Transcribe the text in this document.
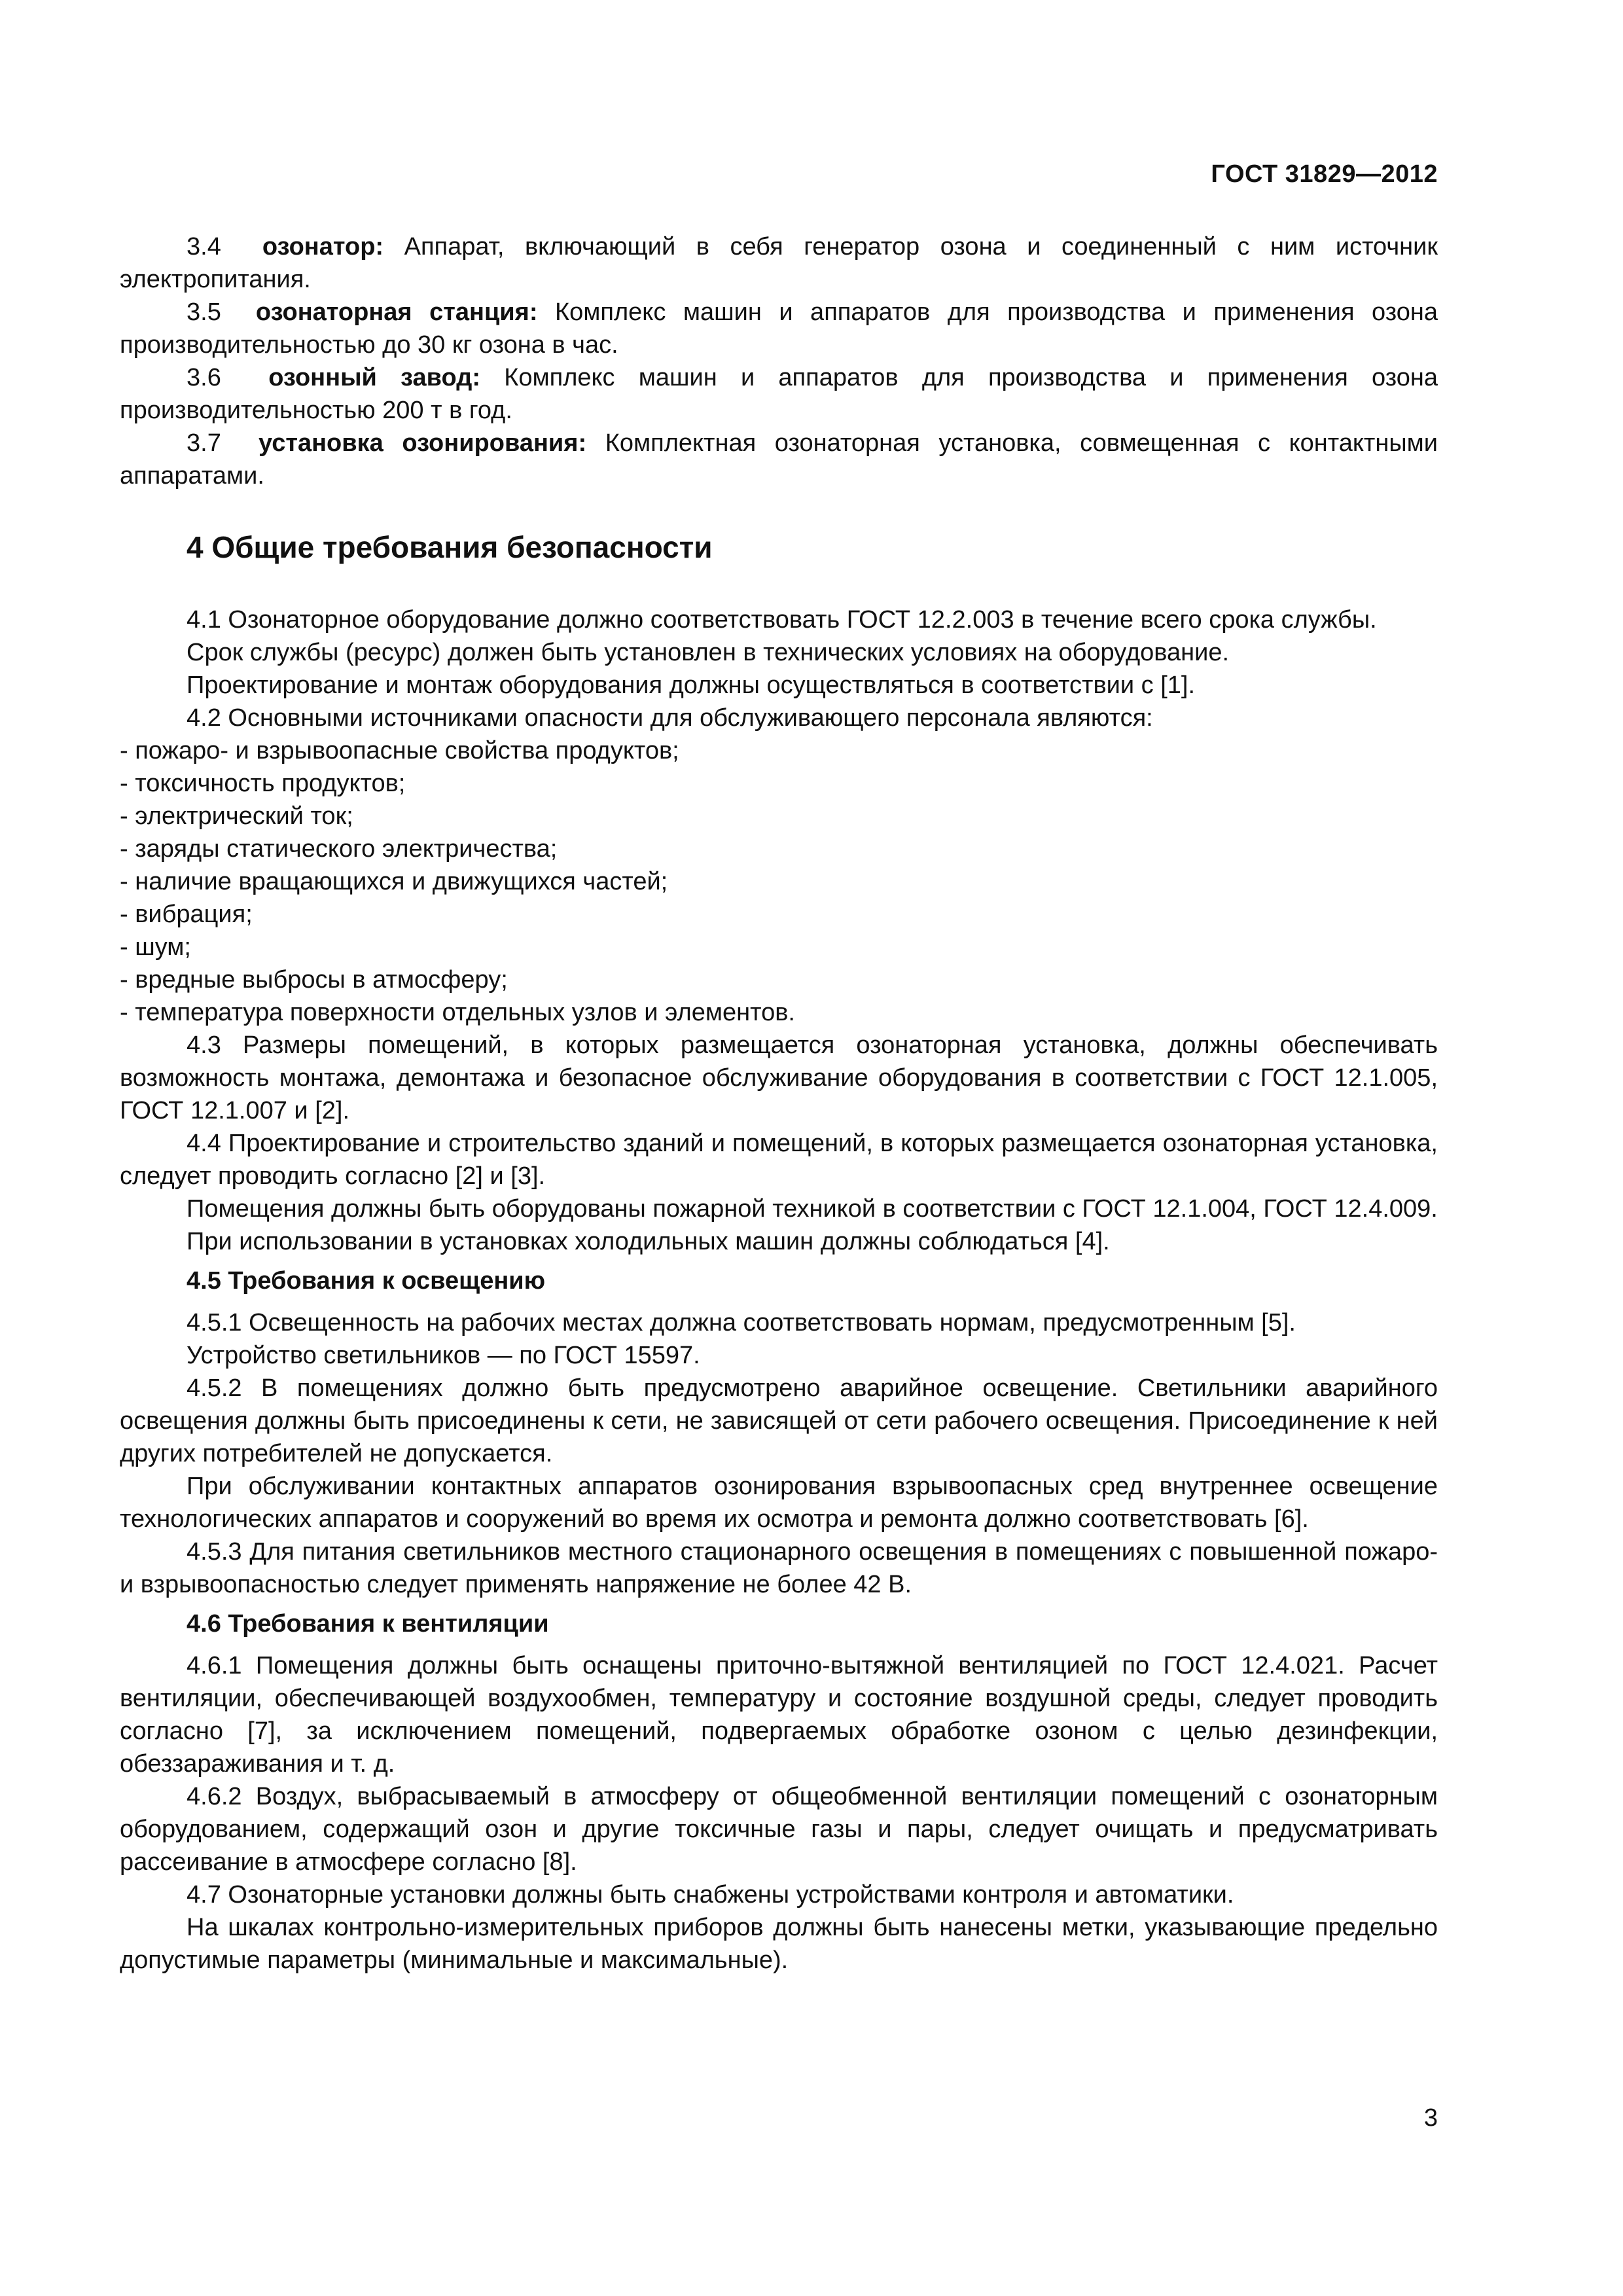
ГОСТ 31829—2012

3.4 озонатор: Аппарат, включающий в себя генератор озона и соединенный с ним источник электропитания.

3.5 озонаторная станция: Комплекс машин и аппаратов для производства и применения озона производительностью до 30 кг озона в час.

3.6 озонный завод: Комплекс машин и аппаратов для производства и применения озона производительностью 200 т в год.

3.7 установка озонирования: Комплектная озонаторная установка, совмещенная с контактными аппаратами.

4 Общие требования безопасности

4.1 Озонаторное оборудование должно соответствовать ГОСТ 12.2.003 в течение всего срока службы.

Срок службы (ресурс) должен быть установлен в технических условиях на оборудование.

Проектирование и монтаж оборудования должны осуществляться в соответствии с [1].

4.2 Основными источниками опасности для обслуживающего персонала являются:

- пожаро- и взрывоопасные свойства продуктов;

- токсичность продуктов;

- электрический ток;

- заряды статического электричества;

- наличие вращающихся и движущихся частей;

- вибрация;

- шум;

- вредные выбросы в атмосферу;

- температура поверхности отдельных узлов и элементов.

4.3 Размеры помещений, в которых размещается озонаторная установка, должны обеспечивать возможность монтажа, демонтажа и безопасное обслуживание оборудования в соответствии с ГОСТ 12.1.005, ГОСТ 12.1.007 и [2].

4.4 Проектирование и строительство зданий и помещений, в которых размещается озонаторная установка, следует проводить согласно [2] и [3].

Помещения должны быть оборудованы пожарной техникой в соответствии с ГОСТ 12.1.004, ГОСТ 12.4.009.

При использовании в установках холодильных машин должны соблюдаться [4].

4.5 Требования к освещению

4.5.1 Освещенность на рабочих местах должна соответствовать нормам, предусмотренным [5].

Устройство светильников — по ГОСТ 15597.

4.5.2 В помещениях должно быть предусмотрено аварийное освещение. Светильники аварийного освещения должны быть присоединены к сети, не зависящей от сети рабочего освещения. Присоединение к ней других потребителей не допускается.

При обслуживании контактных аппаратов озонирования взрывоопасных сред внутреннее освещение технологических аппаратов и сооружений во время их осмотра и ремонта должно соответствовать [6].

4.5.3 Для питания светильников местного стационарного освещения в помещениях с повышенной пожаро- и взрывоопасностью следует применять напряжение не более 42 В.

4.6 Требования к вентиляции

4.6.1 Помещения должны быть оснащены приточно-вытяжной вентиляцией по ГОСТ 12.4.021. Расчет вентиляции, обеспечивающей воздухообмен, температуру и состояние воздушной среды, следует проводить согласно [7], за исключением помещений, подвергаемых обработке озоном с целью дезинфекции, обеззараживания и т. д.

4.6.2 Воздух, выбрасываемый в атмосферу от общеобменной вентиляции помещений с озонаторным оборудованием, содержащий озон и другие токсичные газы и пары, следует очищать и предусматривать рассеивание в атмосфере согласно [8].

4.7 Озонаторные установки должны быть снабжены устройствами контроля и автоматики.

На шкалах контрольно-измерительных приборов должны быть нанесены метки, указывающие предельно допустимые параметры (минимальные и максимальные).

3
